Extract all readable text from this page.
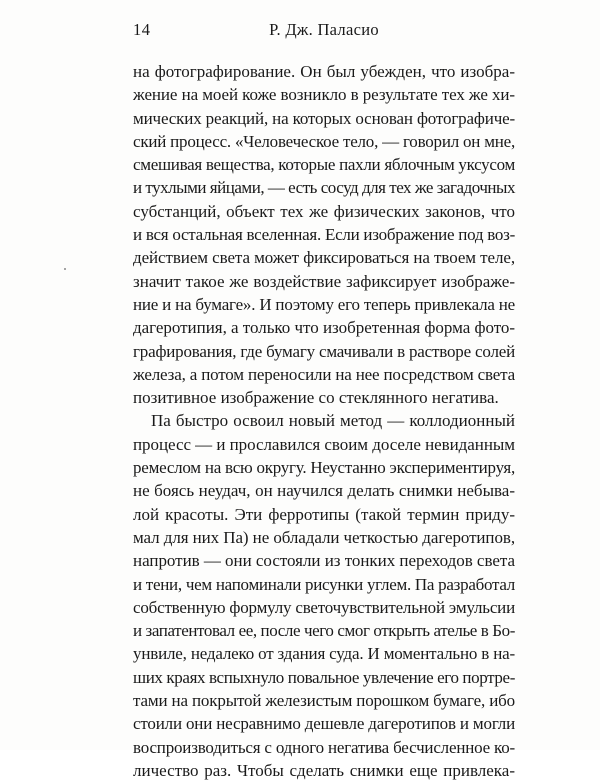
14	Р. Дж. Паласио
на фотографирование. Он был убежден, что изобра-
жение на моей коже возникло в результате тех же хи-
мических реакций, на которых основан фотографиче-
ский процесс. «Человеческое тело, — говорил он мне,
смешивая вещества, которые пахли яблочным уксусом
и тухлыми яйцами, — есть сосуд для тех же загадочных
субстанций, объект тех же физических законов, что
и вся остальная вселенная. Если изображение под воз-
действием света может фиксироваться на твоем теле,
значит такое же воздействие зафиксирует изображе-
ние и на бумаге». И поэтому его теперь привлекала не
дагеротипия, а только что изобретенная форма фото-
графирования, где бумагу смачивали в растворе солей
железа, а потом переносили на нее посредством света
позитивное изображение со стеклянного негатива.
Па быстро освоил новый метод — коллодионный
процесс — и прославился своим доселе невиданным
ремеслом на всю округу. Неустанно экспериментируя,
не боясь неудач, он научился делать снимки небыва-
лой красоты. Эти ферротипы (такой термин приду-
мал для них Па) не обладали четкостью дагеротипов,
напротив — они состояли из тонких переходов света
и тени, чем напоминали рисунки углем. Па разработал
собственную формулу светочувствительной эмульсии
и запатентовал ее, после чего смог открыть ателье в Бо-
унвиле, недалеко от здания суда. И моментально в на-
ших краях вспыхнуло повальное увлечение его портре-
тами на покрытой железистым порошком бумаге, ибо
стоили они несравнимо дешевле дагеротипов и могли
воспроизводиться с одного негатива бесчисленное ко-
личество раз. Чтобы сделать снимки еще привлека-
